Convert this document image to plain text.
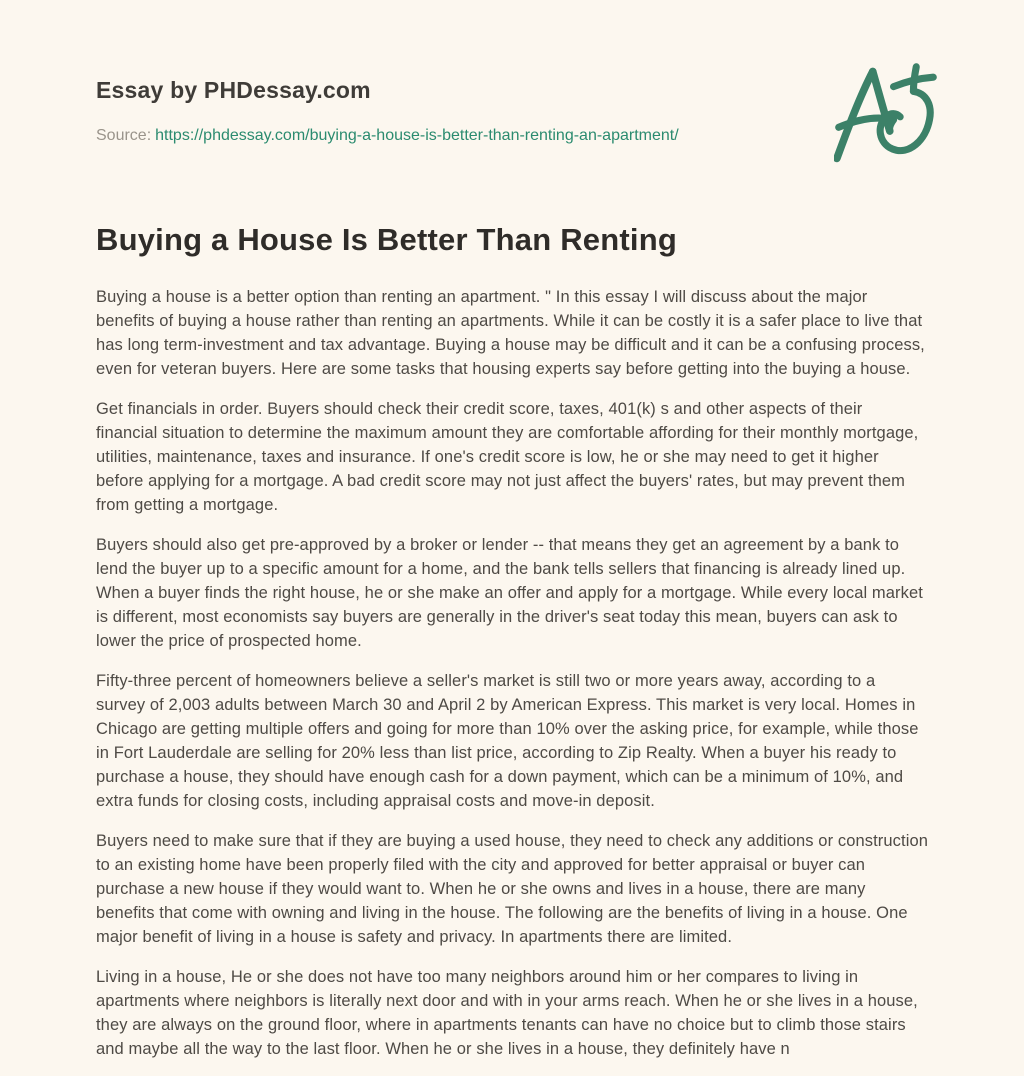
Essay by PHDessay.com
Source: https://phdessay.com/buying-a-house-is-better-than-renting-an-apartment/
Buying a House Is Better Than Renting

Buying a house is a better option than renting an apartment. " In this essay I will discuss about the major benefits of buying a house rather than renting an apartments. While it can be costly it is a safer place to live that has long term-investment and tax advantage. Buying a house may be difficult and it can be a confusing process, even for veteran buyers. Here are some tasks that housing experts say before getting into the buying a house.

Get financials in order. Buyers should check their credit score, taxes, 401(k) s and other aspects of their financial situation to determine the maximum amount they are comfortable affording for their monthly mortgage, utilities, maintenance, taxes and insurance. If one's credit score is low, he or she may need to get it higher before applying for a mortgage. A bad credit score may not just affect the buyers' rates, but may prevent them from getting a mortgage.

Buyers should also get pre-approved by a broker or lender -- that means they get an agreement by a bank to lend the buyer up to a specific amount for a home, and the bank tells sellers that financing is already lined up. When a buyer finds the right house, he or she make an offer and apply for a mortgage. While every local market is different, most economists say buyers are generally in the driver's seat today this mean, buyers can ask to lower the price of prospected home.

Fifty-three percent of homeowners believe a seller's market is still two or more years away, according to a survey of 2,003 adults between March 30 and April 2 by American Express. This market is very local. Homes in Chicago are getting multiple offers and going for more than 10% over the asking price, for example, while those in Fort Lauderdale are selling for 20% less than list price, according to Zip Realty. When a buyer his ready to purchase a house, they should have enough cash for a down payment, which can be a minimum of 10%, and extra funds for closing costs, including appraisal costs and move-in deposit.

Buyers need to make sure that if they are buying a used house, they need to check any additions or construction to an existing home have been properly filed with the city and approved for better appraisal or buyer can purchase a new house if they would want to. When he or she owns and lives in a house, there are many benefits that come with owning and living in the house. The following are the benefits of living in a house. One major benefit of living in a house is safety and privacy. In apartments there are limited.

Living in a house, He or she does not have too many neighbors around him or her compares to living in apartments where neighbors is literally next door and with in your arms reach. When he or she lives in a house, they are always on the ground floor, where in apartments tenants can have no choice but to climb those stairs and maybe all the way to the last floor. When he or she lives in a house, they definitely have n
